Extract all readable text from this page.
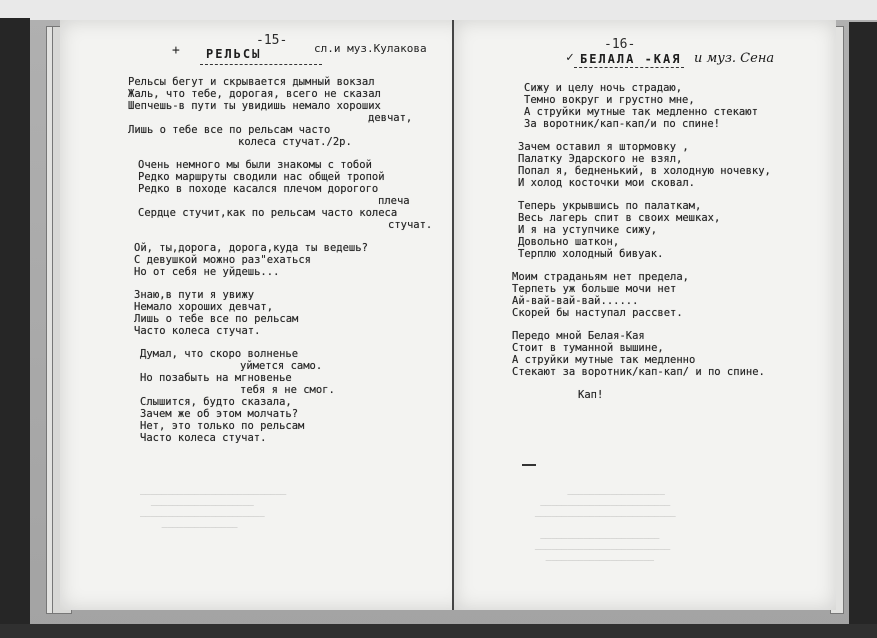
+
-15-
РЕЛЬСЫ	сл.и муз.Кулакова
Рельсы бегут и скрывается дымный вокзал
Жаль, что тебе, дорогая, всего не сказал
Шепчешь-в пути ты увидишь немало хороших
девчат,
Лишь о тебе все по рельсам часто
колеса стучат./2р.
Очень немного мы были знакомы с тобой
Редко маршруты сводили нас общей тропой
Редко в походе касался плечом дорогого
плеча
Сердце стучит,как по рельсам часто колеса
стучат.
Ой, ты,дорога, дорога,куда ты ведешь?
С девушкой можно раз"ехаться
Но от себя не уйдешь...
Знаю,в пути я увижу
Немало хороших девчат,
Лишь о тебе все по рельсам
Часто колеса стучат.
Думал, что скоро волненье
уймется само.
Но позабыть на мгновенье
тебя я не смог.
Слышится, будто сказала,
Зачем же об этом молчать?
Нет, это только по рельсам
Часто колеса стучат.
———————————————————————————
———————————————————
———————————————————————
——————————————
✓
-16-
БЕЛАЛА -КАЯ и муз. Сена
Сижу и целу ночь страдаю,
Темно вокруг и грустно мне,
А струйки мутные так медленно стекают
За воротник/кап-кап/и по спине!
Зачем оставил я штормовку ,
Палатку Эдарского не взял,
Попал я, бедненький, в холодную ночевку,
И холод косточки мои сковал.
Теперь укрывшись по палаткам,
Весь лагерь спит в своих мешках,
И я на уступчике сижу,
Довольно шаткон,
Терплю холодный бивуак.
Моим страданьям нет предела,
Терпеть уж больше мочи нет
Ай-вай-вай-вай......
Скорей бы наступал рассвет.
Передо мной Белая-Кая
Стоит в туманной вышине,
А струйки мутные так медленно
Стекают за воротник/кап-кап/ и по спине.
Кап!
——————————————————
————————————————————————
——————————————————————————

——————————————————————
—————————————————————————
————————————————————
